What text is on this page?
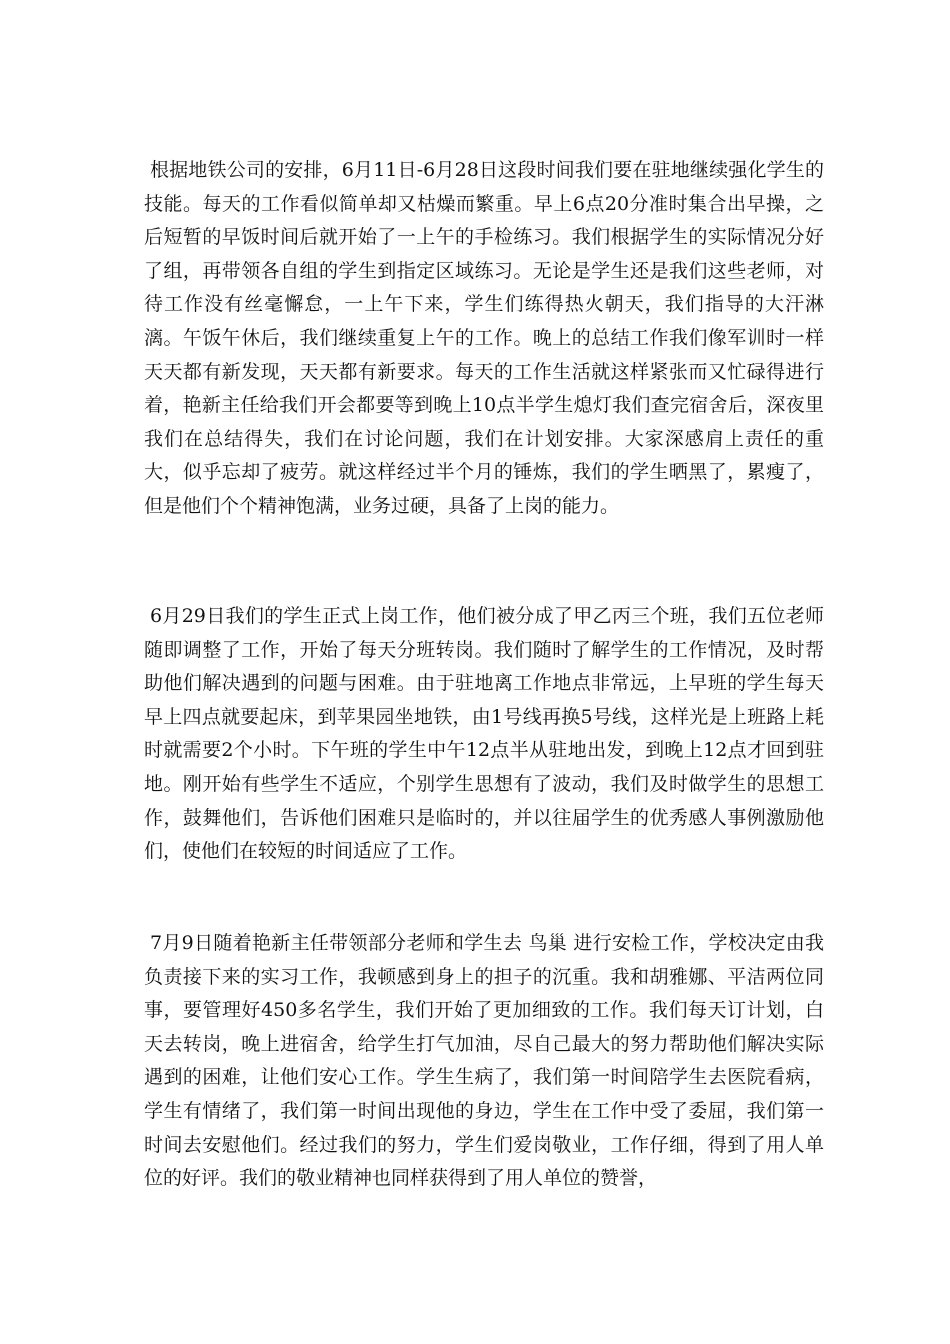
根据地铁公司的安排，6月11日-6月28日这段时间我们要在驻地继续强化学生的技能。每天的工作看似简单却又枯燥而繁重。早上6点20分准时集合出早操，之后短暂的早饭时间后就开始了一上午的手检练习。我们根据学生的实际情况分好了组，再带领各自组的学生到指定区域练习。无论是学生还是我们这些老师，对待工作没有丝毫懈怠，一上午下来，学生们练得热火朝天，我们指导的大汗淋漓。午饭午休后，我们继续重复上午的工作。晚上的总结工作我们像军训时一样天天都有新发现，天天都有新要求。每天的工作生活就这样紧张而又忙碌得进行着，艳新主任给我们开会都要等到晚上10点半学生熄灯我们查完宿舍后，深夜里我们在总结得失，我们在讨论问题，我们在计划安排。大家深感肩上责任的重大，似乎忘却了疲劳。就这样经过半个月的锤炼，我们的学生晒黑了，累瘦了，但是他们个个精神饱满，业务过硬，具备了上岗的能力。

6月29日我们的学生正式上岗工作，他们被分成了甲乙丙三个班，我们五位老师随即调整了工作，开始了每天分班转岗。我们随时了解学生的工作情况，及时帮助他们解决遇到的问题与困难。由于驻地离工作地点非常远，上早班的学生每天早上四点就要起床，到苹果园坐地铁，由1号线再换5号线，这样光是上班路上耗时就需要2个小时。下午班的学生中午12点半从驻地出发，到晚上12点才回到驻地。刚开始有些学生不适应，个别学生思想有了波动，我们及时做学生的思想工作，鼓舞他们，告诉他们困难只是临时的，并以往届学生的优秀感人事例激励他们，使他们在较短的时间适应了工作。

7月9日随着艳新主任带领部分老师和学生去 鸟巢 进行安检工作，学校决定由我负责接下来的实习工作，我顿感到身上的担子的沉重。我和胡雅娜、平洁两位同事，要管理好450多名学生，我们开始了更加细致的工作。我们每天订计划，白天去转岗，晚上进宿舍，给学生打气加油，尽自己最大的努力帮助他们解决实际遇到的困难，让他们安心工作。学生生病了，我们第一时间陪学生去医院看病，学生有情绪了，我们第一时间出现他的身边，学生在工作中受了委屈，我们第一时间去安慰他们。经过我们的努力，学生们爱岗敬业，工作仔细，得到了用人单位的好评。我们的敬业精神也同样获得到了用人单位的赞誉，
